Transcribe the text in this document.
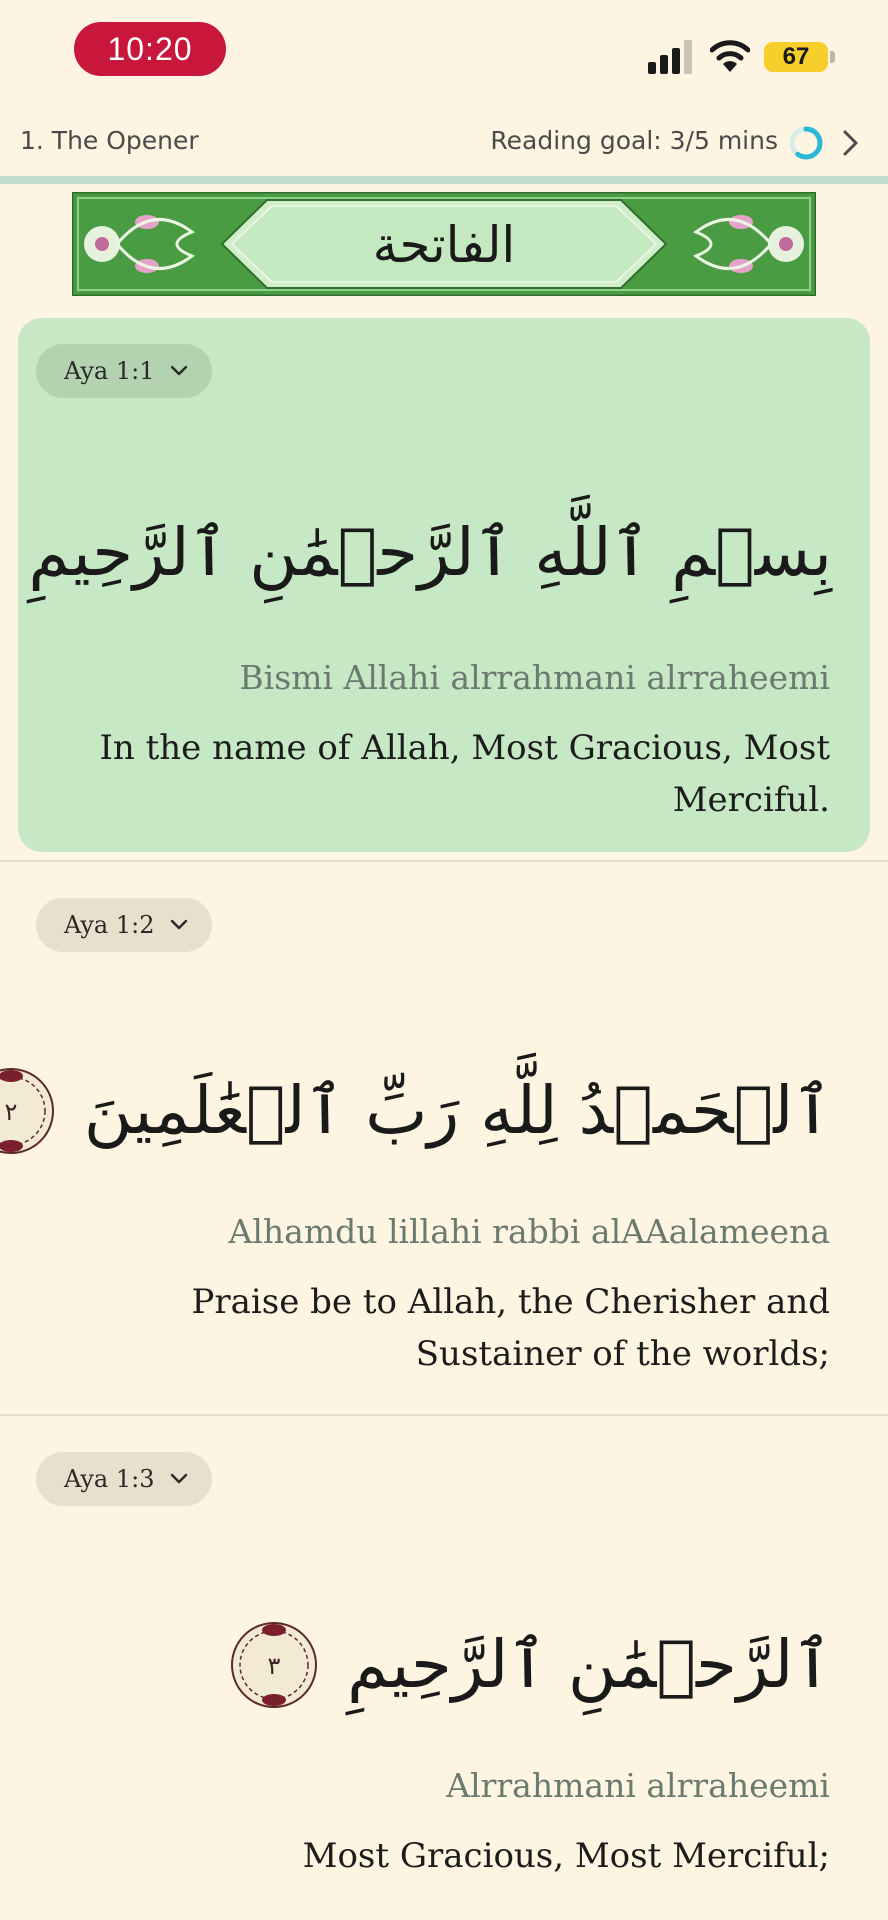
10:20	67
1. The Opener	Reading goal: 3/5 mins
الفاتحة
Aya 1:1
بِسۡمِ ٱللَّهِ ٱلرَّحۡمَٰنِ ٱلرَّحِيمِ
Bismi Allahi alrrahmani alrraheemi
In the name of Allah, Most Gracious, Most
Merciful.
Aya 1:2
٢ ٱلۡحَمۡدُ لِلَّهِ رَبِّ ٱلۡعَٰلَمِينَ
Alhamdu lillahi rabbi alAAalameena
Praise be to Allah, the Cherisher and
Sustainer of the worlds;
Aya 1:3
٣ ٱلرَّحۡمَٰنِ ٱلرَّحِيمِ
Alrrahmani alrraheemi
Most Gracious, Most Merciful;
